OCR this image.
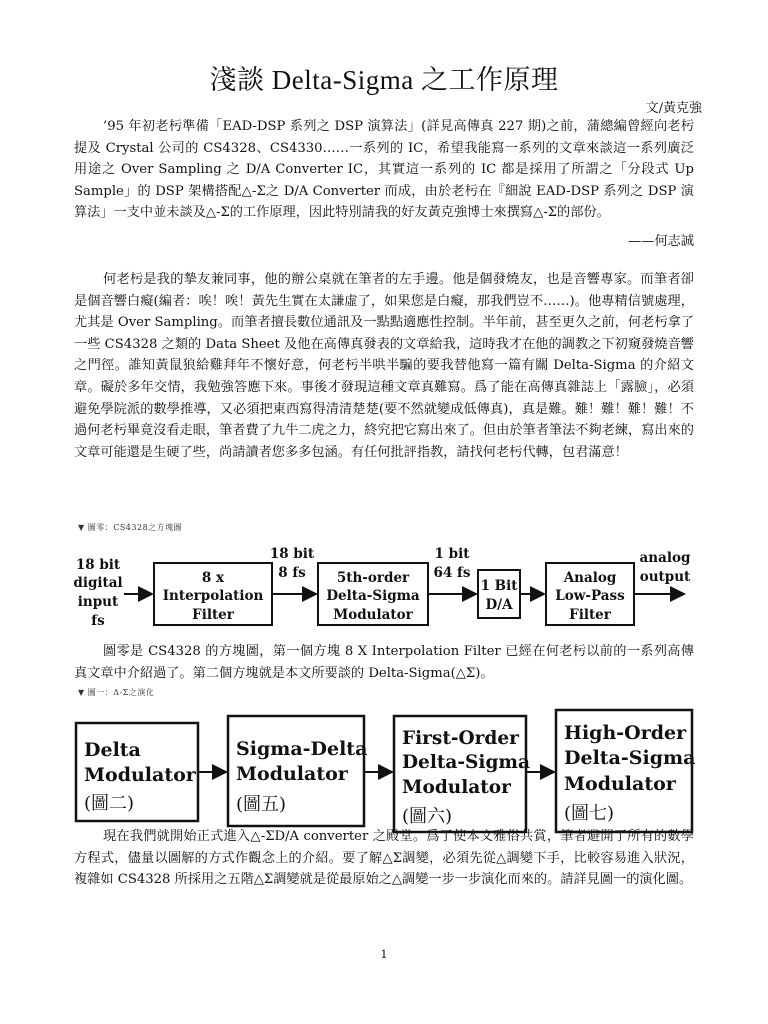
淺談 Delta-Sigma 之工作原理
文/黃克強

’95 年初老杇準備「EAD-DSP 系列之 DSP 演算法」(詳見高傳真 227 期)之前，蒲總編曾經向老杇提及 Crystal 公司的 CS4328、CS4330……一系列的 IC，希望我能寫一系列的文章來談這一系列廣泛用途之 Over Sampling 之 D/A Converter IC，其實這一系列的 IC 都是採用了所謂之「分段式 Up Sample」的 DSP 架構搭配△-Σ之 D/A Converter 而成，由於老杇在『細說 EAD-DSP 系列之 DSP 演算法」一支中並未談及△-Σ的工作原理，因此特別請我的好友黃克強博士來撰寫△-Σ的部份。

——何志誠

何老杇是我的摯友兼同事，他的辦公桌就在筆者的左手邊。他是個發燒友，也是音響專家。而筆者卻是個音響白癡(編者：唉！唉！黃先生實在太謙虛了，如果您是白癡，那我們豈不……)。他專精信號處理，尤其是 Over Sampling。而筆者擅長數位通訊及一點點適應性控制。半年前，甚至更久之前，何老杇拿了一些 CS4328 之類的 Data Sheet 及他在高傳真發表的文章給我，這時我才在他的調教之下初窺發燒音響之門徑。誰知黃鼠狼給雞拜年不懷好意，何老杇半哄半騙的要我替他寫一篇有關 Delta-Sigma 的介紹文章。礙於多年交情，我勉強答應下來。事後才發現這種文章真難寫。爲了能在高傳真雜誌上「露臉」，必須避免學院派的數學推導，又必須把東西寫得清清楚楚(要不然就變成低傳真)，真是難。難！難！難！難！不過何老杇畢竟沒看走眼，筆者費了九牛二虎之力，終究把它寫出來了。但由於筆者筆法不夠老練，寫出來的文章可能還是生硬了些，尚請讀者您多多包涵。有任何批評指教，請找何老杇代轉，包君滿意！

▼ 圖零：CS4328之方塊圖
18 bit
digital
input
fs
8 x
Interpolation
Filter
18 bit
8 fs 5th-order
Delta-Sigma
Modulator
1 bit
64 fs
1 Bit
D/A
Analog
Low-Pass
Filter
analog
output
Delta
Modulator
(圖二)
Sigma-Delta
Modulator
(圖五)
First-Order
Delta-Sigma
Modulator
(圖六)
High-Order
Delta-Sigma
Modulator
(圖七)

圖零是 CS4328 的方塊圖，第一個方塊 8 X Interpolation Filter 已經在何老杇以前的一系列高傳真文章中介紹過了。第二個方塊就是本文所要談的 Delta-Sigma(△Σ)。

▼ 圖一：Δ-Σ之演化

現在我們就開始正式進入△-ΣD/A converter 之殿堂。爲了使本文雅俗共賞，筆者避開了所有的數學方程式，儘量以圖解的方式作觀念上的介紹。要了解△Σ調變，必須先從△調變下手，比較容易進入狀況，複雜如 CS4328 所採用之五階△Σ調變就是從最原始之△調變一步一步演化而來的。請詳見圖一的演化圖。

1
